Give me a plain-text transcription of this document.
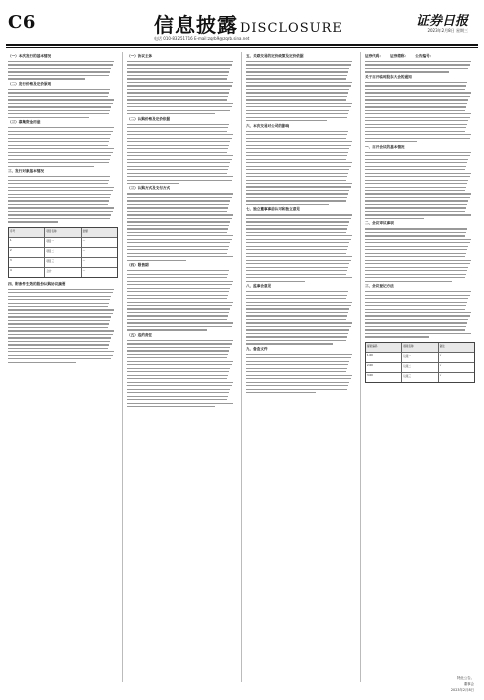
C6	信息披露 DISCLOSURE	证券日报
2023年2月8日 星期三
电话 010-83251716 E-mail:zqrb9@zqrb.sina.net
（一）本次发行的基本情况
（二）发行价格及定价原则
（三）募集资金用途
三、发行对象基本情况
序号	项目名称	金额
1	项目一	—
2	项目二	—
3	项目三	—
4	合计	—
四、附条件生效的股份认购协议摘要
（一）协议主体
（二）认购价格及定价依据
（三）认购方式及支付方式
（四）限售期
（五）违约责任
五、关联交易的定价政策及定价依据
六、本次交易对公司的影响
七、独立董事事前认可和独立意见
八、监事会意见
九、备查文件
证券代码：　　证券简称：　　公告编号：
关于召开临时股东大会的通知
一、召开会议的基本情况
二、会议审议事项
三、会议登记方法
提案编码	提案名称	备注
1.00	议案一	√
2.00	议案二	√
3.00	议案三	√
特此公告。
董事会
2023年2月8日
